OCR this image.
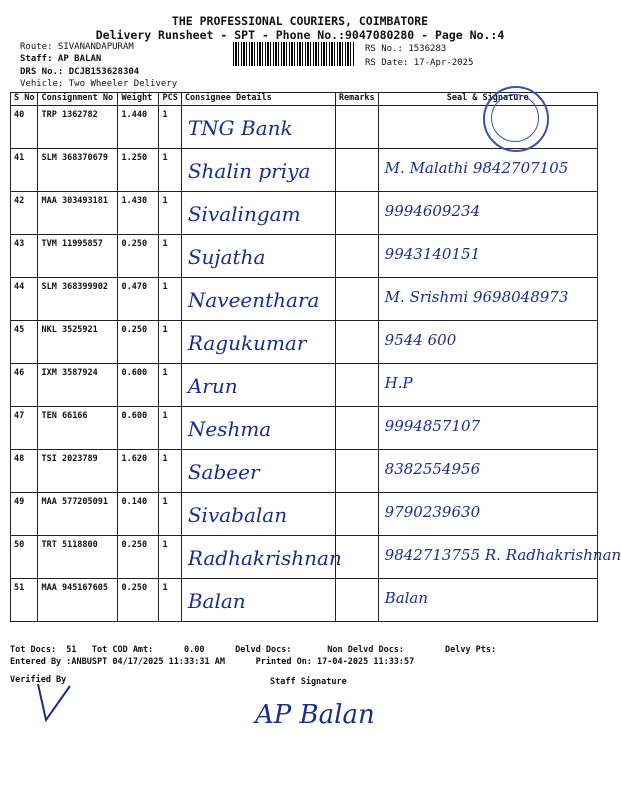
THE PROFESSIONAL COURIERS, COIMBATORE
Delivery Runsheet - SPT - Phone No.:9047080280 - Page No.:4
Route: SIVANANDAPURAM
Staff: AP BALAN
DRS No.: DCJB153628304
Vehicle: Two Wheeler Delivery
RS No.: 1536283
RS Date: 17-Apr-2025
S No	Consignment No	Weight	PCS	Consignee Details	Remarks	Seal & Signature
40	TRP 1362782	1.440	1	TNG Bank		

41	SLM 368370679	1.250	1	Shalin priya		M. Malathi 9842707105

42	MAA 303493181	1.430	1	Sivalingam		9994609234

43	TVM 11995857	0.250	1	Sujatha		9943140151

44	SLM 368399902	0.470	1	Naveenthara		M. Srishmi 9698048973

45	NKL 3525921	0.250	1	Ragukumar		9544 600

46	IXM 3587924	0.600	1	Arun		H.P

47	TEN 66166	0.600	1	Neshma		9994857107

48	TSI 2023789	1.620	1	Sabeer		8382554956

49	MAA 577205091	0.140	1	Sivabalan		9790239630

50	TRT 5118800	0.250	1	Radhakrishnan		9842713755 R. Radhakrishnan

51	MAA 945167605	0.250	1	Balan		Balan
Tot Docs:  51   Tot COD Amt:      0.00      Delvd Docs:       Non Delvd Docs:        Delvy Pts:
Entered By :ANBUSPT 04/17/2025 11:33:31 AM      Printed On: 17-04-2025 11:33:57
Verified By	Staff Signature
AP Balan
